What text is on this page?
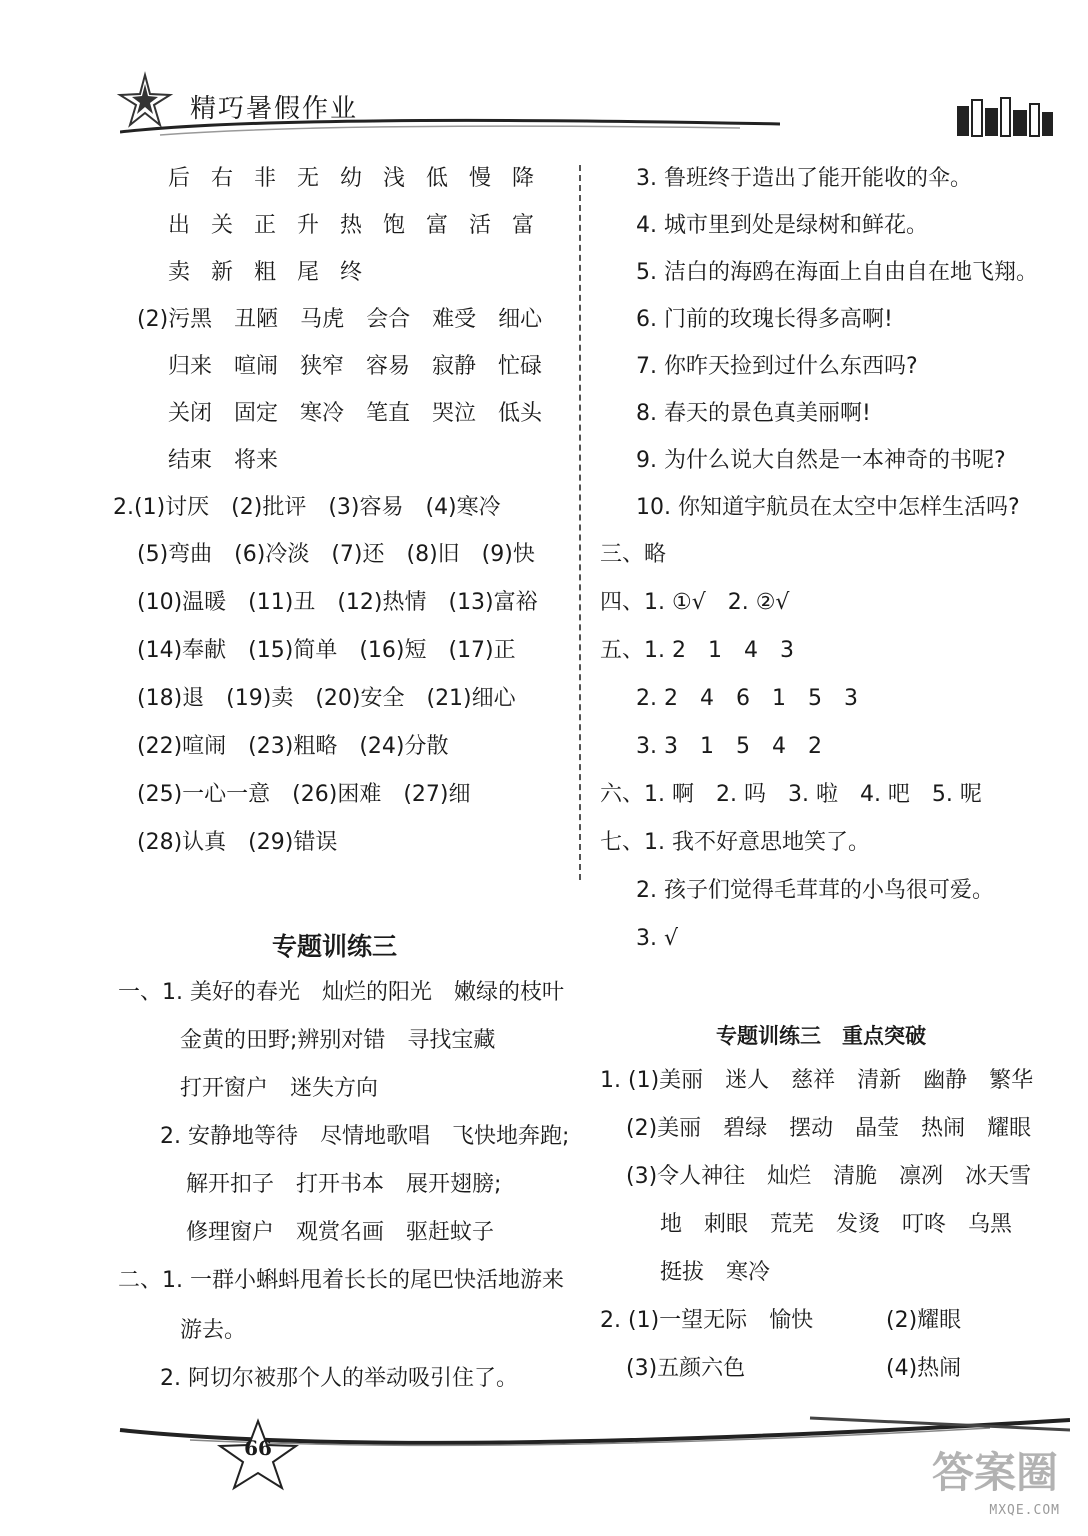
精巧暑假作业
后右非无幼浅低慢降
出关正升热饱富活富
卖新粗尾终
(2)污黑　丑陋　马虎　会合　难受　细心
归来　喧闹　狭窄　容易　寂静　忙碌
关闭　固定　寒冷　笔直　哭泣　低头
结束　将来
2.(1)讨厌　(2)批评　(3)容易　(4)寒冷
(5)弯曲　(6)冷淡　(7)还　(8)旧　(9)快
(10)温暖　(11)丑　(12)热情　(13)富裕
(14)奉献　(15)简单　(16)短　(17)正
(18)退　(19)卖　(20)安全　(21)细心
(22)喧闹　(23)粗略　(24)分散
(25)一心一意　(26)困难　(27)细
(28)认真　(29)错误
专题训练三
一、1. 美好的春光　灿烂的阳光　嫩绿的枝叶
金黄的田野;辨别对错　寻找宝藏
打开窗户　迷失方向
2. 安静地等待　尽情地歌唱　飞快地奔跑;
解开扣子　打开书本　展开翅膀;
修理窗户　观赏名画　驱赶蚊子
二、1. 一群小蝌蚪甩着长长的尾巴快活地游来
游去。
2. 阿切尔被那个人的举动吸引住了。
3. 鲁班终于造出了能开能收的伞。
4. 城市里到处是绿树和鲜花。
5. 洁白的海鸥在海面上自由自在地飞翔。
6. 门前的玫瑰长得多高啊!
7. 你昨天捡到过什么东西吗?
8. 春天的景色真美丽啊!
9. 为什么说大自然是一本神奇的书呢?
10. 你知道宇航员在太空中怎样生活吗?
三、略
四、1. ①√　2. ②√
五、1. 2　1　4　3
2. 2　4　6　1　5　3
3. 3　1　5　4　2
六、1. 啊　2. 吗　3. 啦　4. 吧　5. 呢
七、1. 我不好意思地笑了。
2. 孩子们觉得毛茸茸的小鸟很可爱。
3. √
专题训练三　重点突破
1. (1)美丽　迷人　慈祥　清新　幽静　繁华
(2)美丽　碧绿　摆动　晶莹　热闹　耀眼
(3)令人神往　灿烂　清脆　凛冽　冰天雪
地　刺眼　荒芜　发烫　叮咚　乌黑
挺拔　寒冷
2. (1)一望无际　愉快	(2)耀眼
(3)五颜六色	(4)热闹
66	答案圈
MXQE.COM
